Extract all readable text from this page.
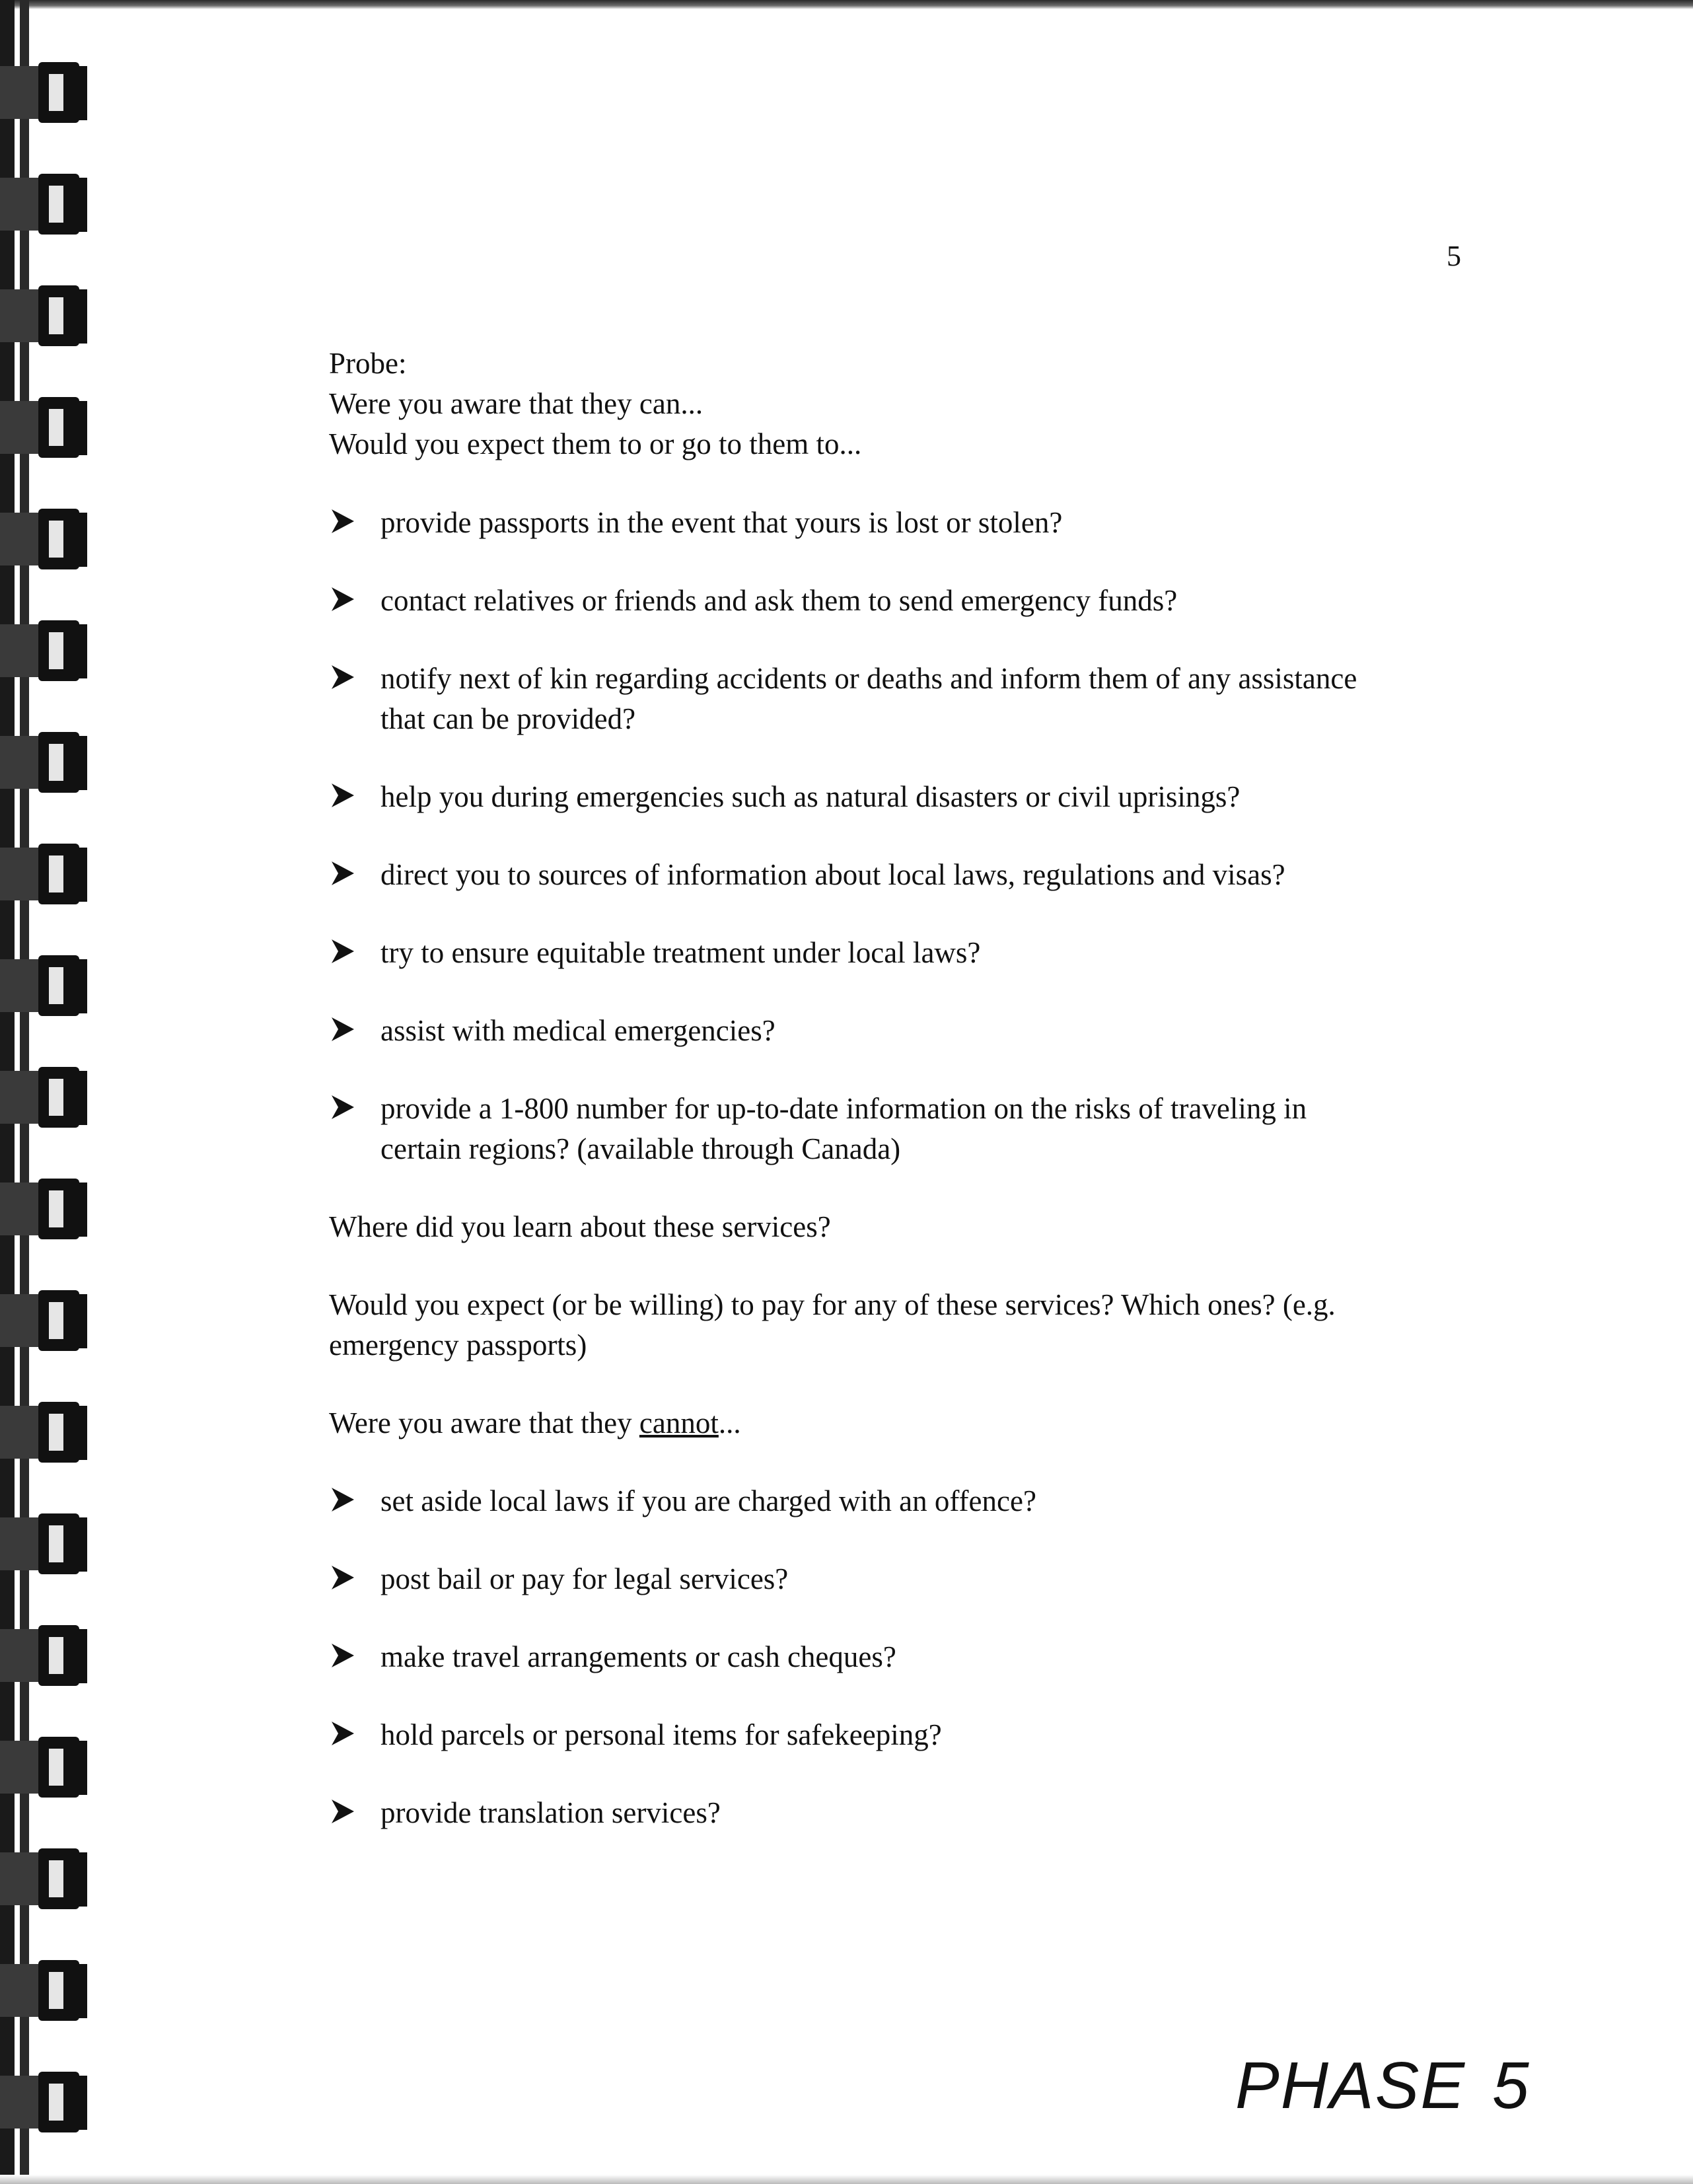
5
Probe:
Were you aware that they can...
Would you expect them to or go to them to...
provide passports in the event that yours is lost or stolen?
contact relatives or friends and ask them to send emergency funds?
notify next of kin regarding accidents or deaths and inform them of any assistance
that can be provided?
help you during emergencies such as natural disasters or civil uprisings?
direct you to sources of information about local laws, regulations and visas?
try to ensure equitable treatment under local laws?
assist with medical emergencies?
provide a 1-800 number for up-to-date information on the risks of traveling in
certain regions? (available through Canada)
Where did you learn about these services?
Would you expect (or be willing) to pay for any of these services? Which ones? (e.g.
emergency passports)
Were you aware that they cannot...
set aside local laws if you are charged with an offence?
post bail or pay for legal services?
make travel arrangements or cash cheques?
hold parcels or personal items for safekeeping?
provide translation services?
PHASE 5
